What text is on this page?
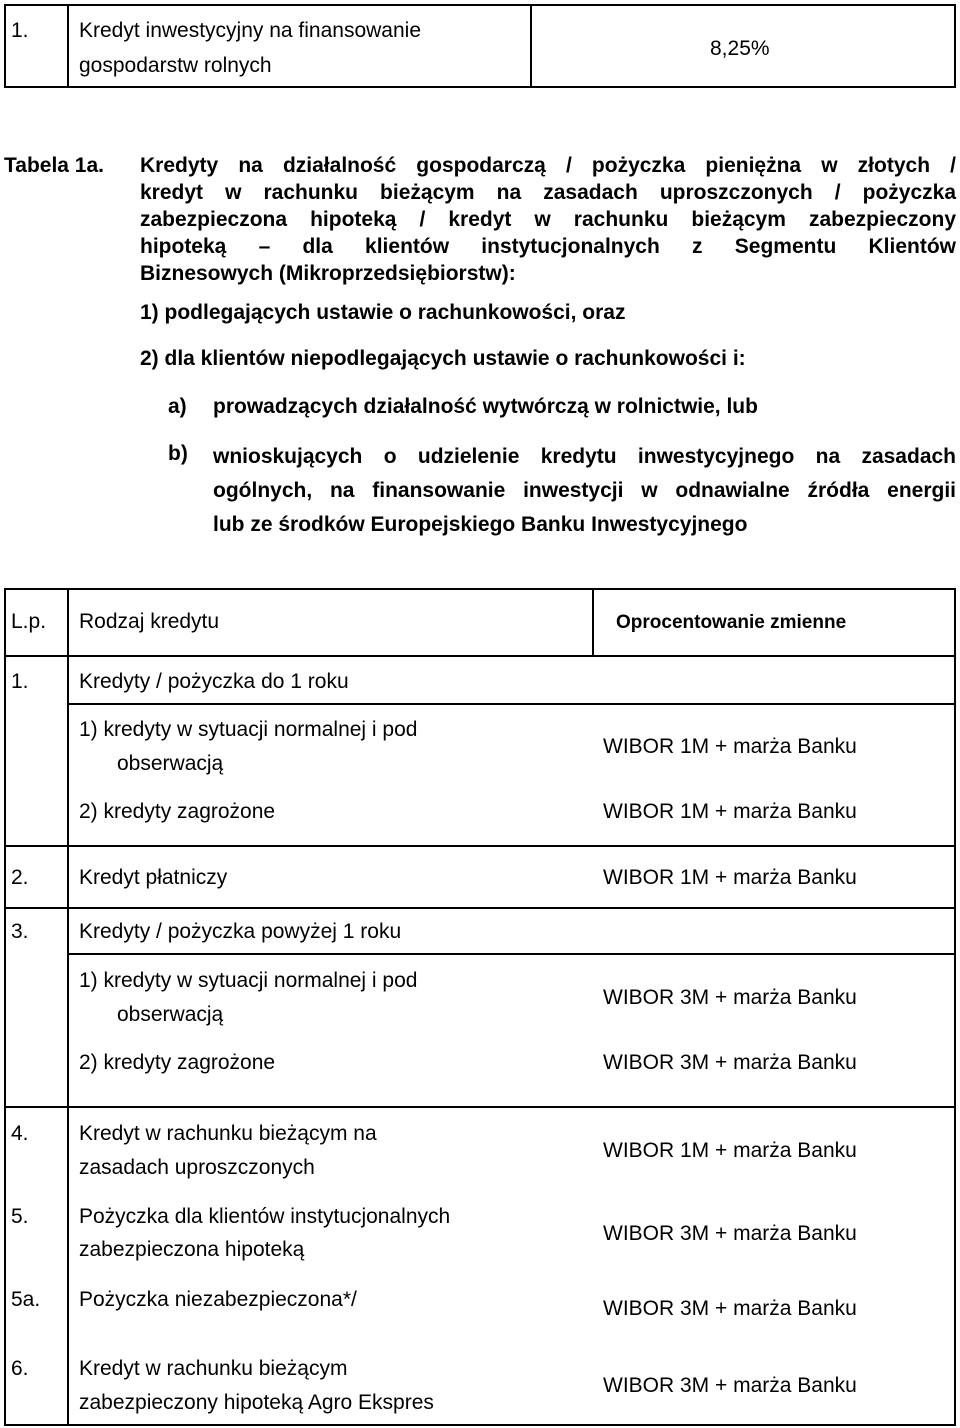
1. Kredyt inwestycyjny na finansowanie
gospodarstw rolnych
8,25%
Tabela 1a. Kredyty na działalność gospodarczą / pożyczka pieniężna w złotych /
kredyt w rachunku bieżącym na zasadach uproszczonych / pożyczka
zabezpieczona hipoteką / kredyt w rachunku bieżącym zabezpieczony
hipoteką – dla klientów instytucjonalnych z Segmentu Klientów
Biznesowych (Mikroprzedsiębiorstw):
1) podlegających ustawie o rachunkowości, oraz
2) dla klientów niepodlegających ustawie o rachunkowości i:
a) prowadzących działalność wytwórczą w rolnictwie, lub
b) wnioskujących o udzielenie kredytu inwestycyjnego na zasadach
ogólnych, na finansowanie inwestycji w odnawialne źródła energii
lub ze środków Europejskiego Banku Inwestycyjnego
L.p. Rodzaj kredytu	Oprocentowanie zmienne
1. Kredyty / pożyczka do 1 roku
1) kredyty w sytuacji normalnej i pod
obserwacją
WIBOR 1M + marża Banku
2) kredyty zagrożone	WIBOR 1M + marża Banku
2. Kredyt płatniczy	WIBOR 1M + marża Banku
3. Kredyty / pożyczka powyżej 1 roku
1) kredyty w sytuacji normalnej i pod
obserwacją
WIBOR 3M + marża Banku
2) kredyty zagrożone	WIBOR 3M + marża Banku
4. Kredyt w rachunku bieżącym na
zasadach uproszczonych
WIBOR 1M + marża Banku
5. Pożyczka dla klientów instytucjonalnych
zabezpieczona hipoteką
WIBOR 3M + marża Banku
5a. Pożyczka niezabezpieczona*/	WIBOR 3M + marża Banku
6. Kredyt w rachunku bieżącym
zabezpieczony hipoteką Agro Ekspres
WIBOR 3M + marża Banku
